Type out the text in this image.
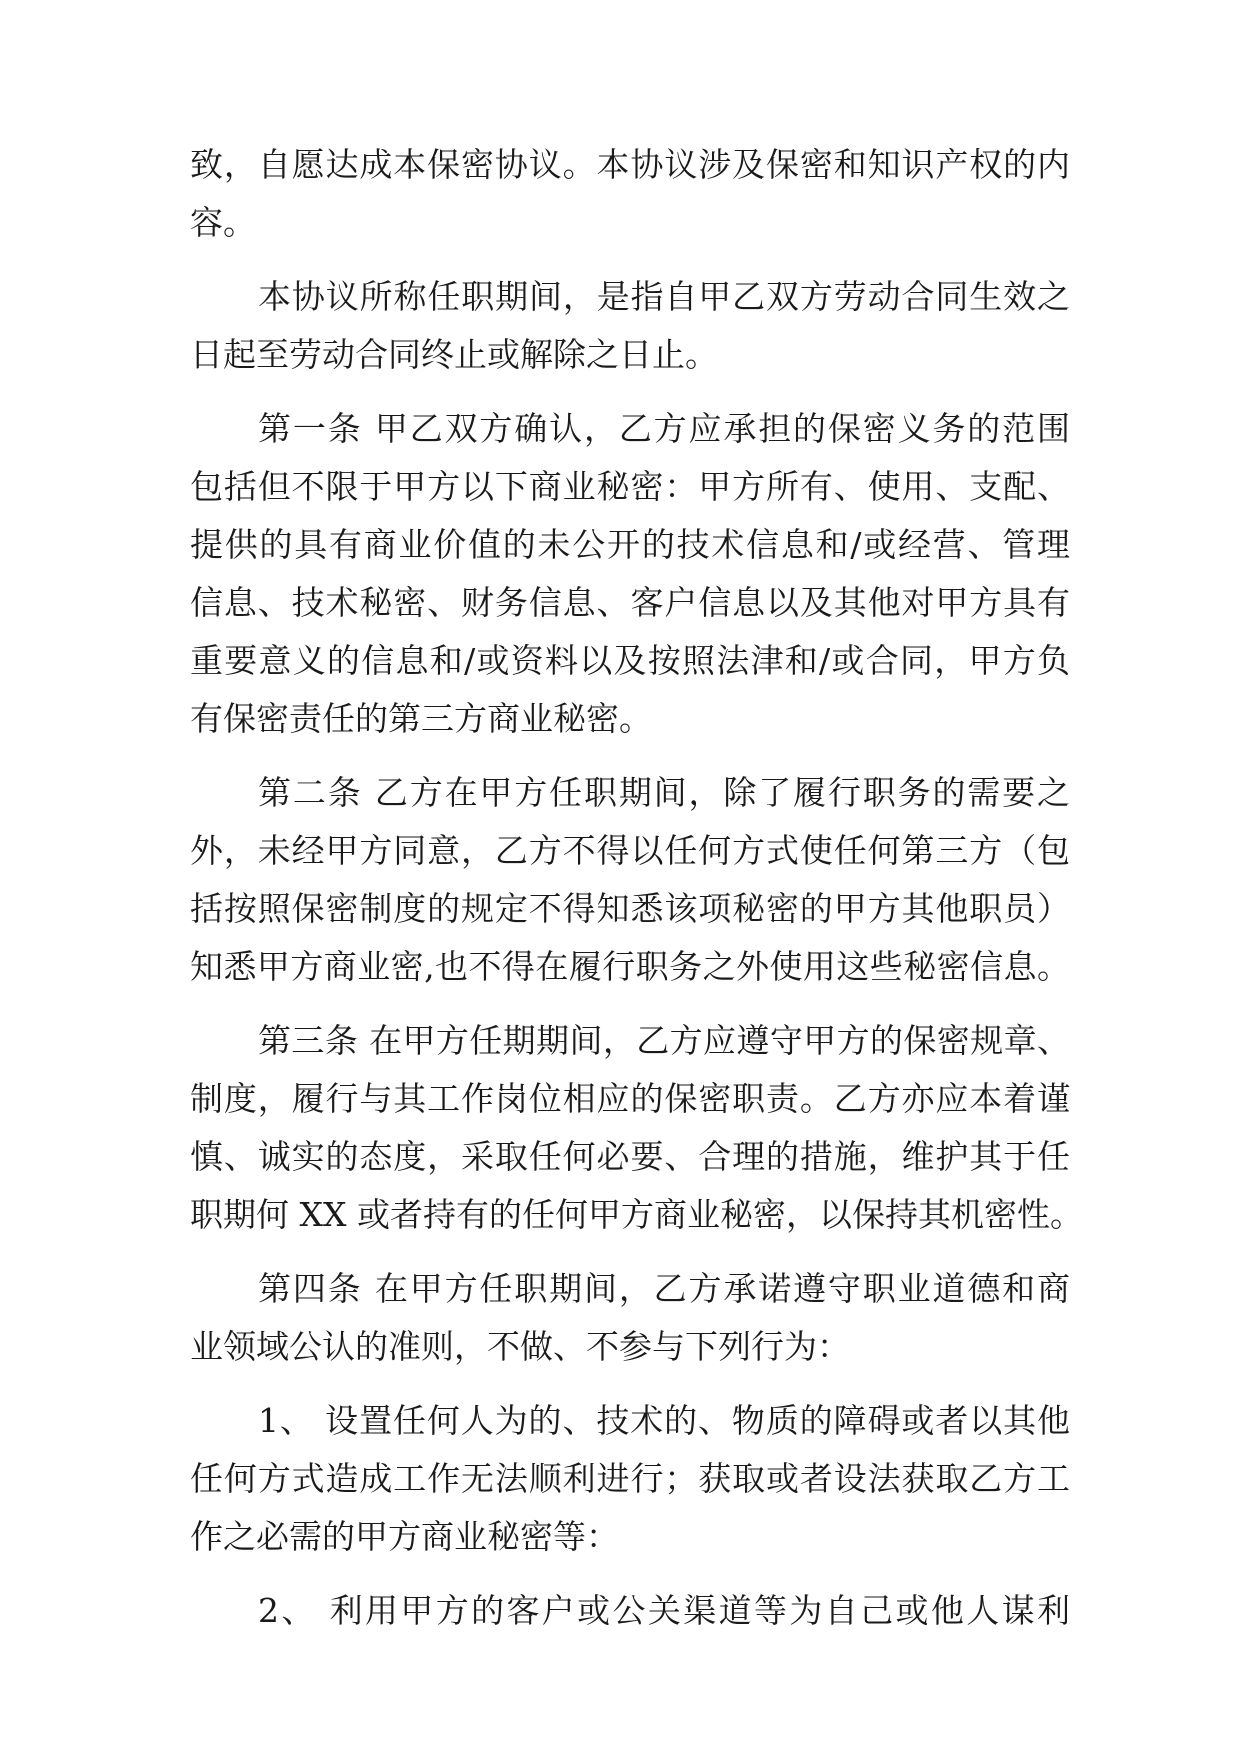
致，自愿达成本保密协议。本协议涉及保密和知识产权的内
容。
本协议所称任职期间，是指自甲乙双方劳动合同生效之
日起至劳动合同终止或解除之日止。
第一条 甲乙双方确认，乙方应承担的保密义务的范围
包括但不限于甲方以下商业秘密：甲方所有、使用、支配、
提供的具有商业价值的未公开的技术信息和/或经营、管理
信息、技术秘密、财务信息、客户信息以及其他对甲方具有
重要意义的信息和/或资料以及按照法津和/或合同，甲方负
有保密责任的第三方商业秘密。
第二条 乙方在甲方任职期间，除了履行职务的需要之
外，未经甲方同意，乙方不得以任何方式使任何第三方（包
括按照保密制度的规定不得知悉该项秘密的甲方其他职员）
知悉甲方商业密,也不得在履行职务之外使用这些秘密信息。
第三条 在甲方任期期间，乙方应遵守甲方的保密规章、
制度，履行与其工作岗位相应的保密职责。乙方亦应本着谨
慎、诚实的态度，采取任何必要、合理的措施，维护其于任
职期何 XX 或者持有的任何甲方商业秘密，以保持其机密性。
第四条 在甲方任职期间，乙方承诺遵守职业道德和商
业领域公认的准则，不做、不参与下列行为：
1、 设置任何人为的、技术的、物质的障碍或者以其他
任何方式造成工作无法顺利进行；获取或者设法获取乙方工
作之必需的甲方商业秘密等：
2、 利用甲方的客户或公关渠道等为自己或他人谋利
